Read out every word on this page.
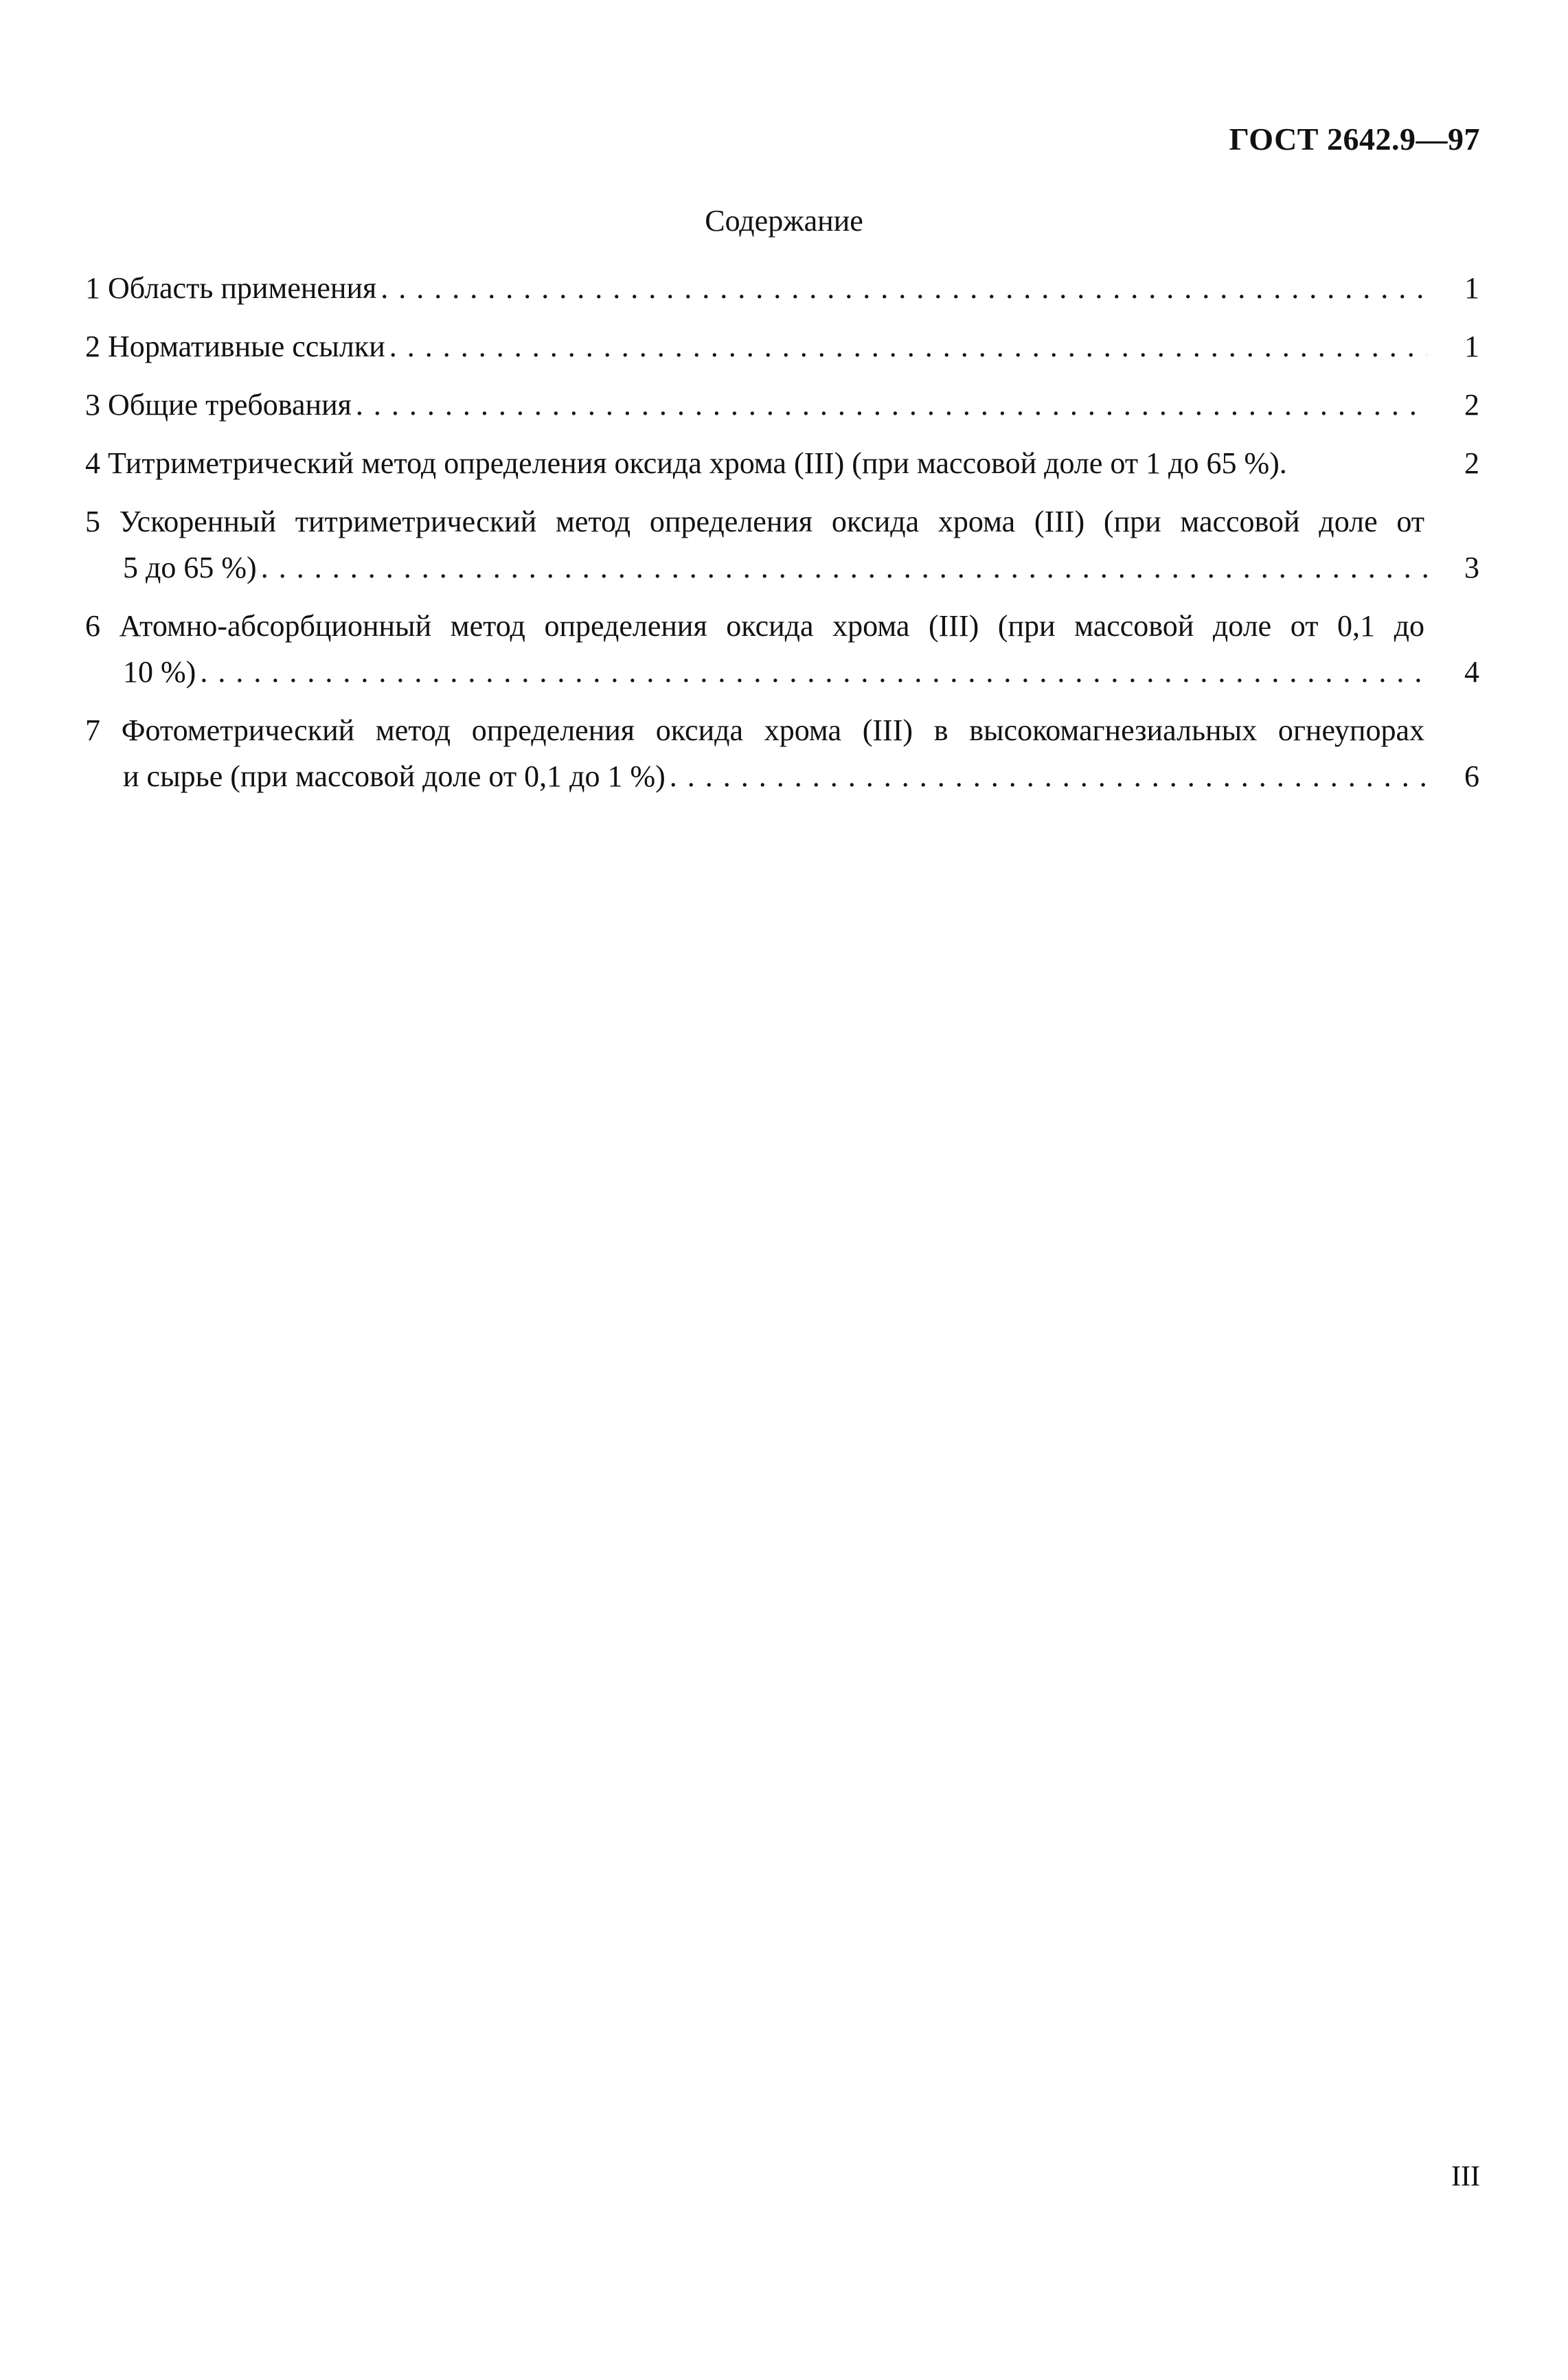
ГОСТ 2642.9—97
Содержание
1 Область применения . . .	1
2 Нормативные ссылки . . .	1
3 Общие требования . . .	2
4 Титриметрический метод определения оксида хрома (III) (при массовой доле от 1 до 65 %).	2
5 Ускоренный титриметрический метод определения оксида хрома (III) (при массовой доле от
5 до 65 %) . . .	3
6 Атомно-абсорбционный метод определения оксида хрома (III) (при массовой доле от 0,1 до
10 %) . . .	4
7 Фотометрический метод определения оксида хрома (III) в высокомагнезиальных огнеупорах
и сырье (при массовой доле от 0,1 до 1 %) . . .	6
III
